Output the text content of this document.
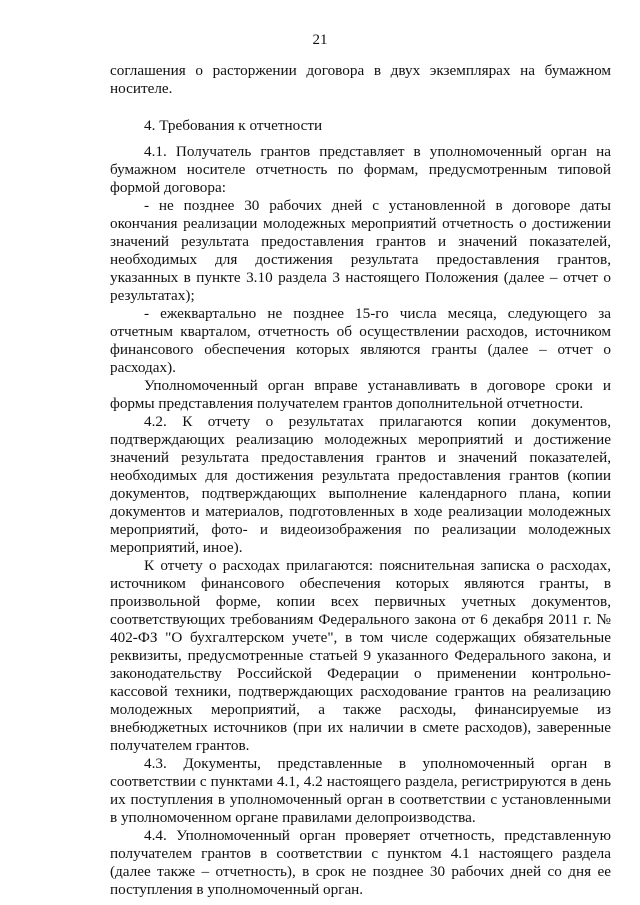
21

соглашения о расторжении договора в двух экземплярах на бумажном носителе.

4. Требования к отчетности

4.1. Получатель грантов представляет в уполномоченный орган на бумажном носителе отчетность по формам, предусмотренным типовой формой договора:

- не позднее 30 рабочих дней с установленной в договоре даты окончания реализации молодежных мероприятий отчетность о достижении значений результата предоставления грантов и значений показателей, необходимых для достижения результата предоставления грантов, указанных в пункте 3.10 раздела 3 настоящего Положения (далее – отчет о результатах);

- ежеквартально не позднее 15-го числа месяца, следующего за отчетным кварталом, отчетность об осуществлении расходов, источником финансового обеспечения которых являются гранты (далее – отчет о расходах).

Уполномоченный орган вправе устанавливать в договоре сроки и формы представления получателем грантов дополнительной отчетности.

4.2. К отчету о результатах прилагаются копии документов, подтверждающих реализацию молодежных мероприятий и достижение значений результата предоставления грантов и значений показателей, необходимых для достижения результата предоставления грантов (копии документов, подтверждающих выполнение календарного плана, копии документов и материалов, подготовленных в ходе реализации молодежных мероприятий, фото- и видеоизображения по реализации молодежных мероприятий, иное).

К отчету о расходах прилагаются: пояснительная записка о расходах, источником финансового обеспечения которых являются гранты, в произвольной форме, копии всех первичных учетных документов, соответствующих требованиям Федерального закона от 6 декабря 2011 г. № 402-ФЗ "О бухгалтерском учете", в том числе содержащих обязательные реквизиты, предусмотренные статьей 9 указанного Федерального закона, и законодательству Российской Федерации о применении контрольно-кассовой техники, подтверждающих расходование грантов на реализацию молодежных мероприятий, а также расходы, финансируемые из внебюджетных источников (при их наличии в смете расходов), заверенные получателем грантов.

4.3. Документы, представленные в уполномоченный орган в соответствии с пунктами 4.1, 4.2 настоящего раздела, регистрируются в день их поступления в уполномоченный орган в соответствии с установленными в уполномоченном органе правилами делопроизводства.

4.4. Уполномоченный орган проверяет отчетность, представленную получателем грантов в соответствии с пунктом 4.1 настоящего раздела (далее также – отчетность), в срок не позднее 30 рабочих дней со дня ее поступления в уполномоченный орган.
